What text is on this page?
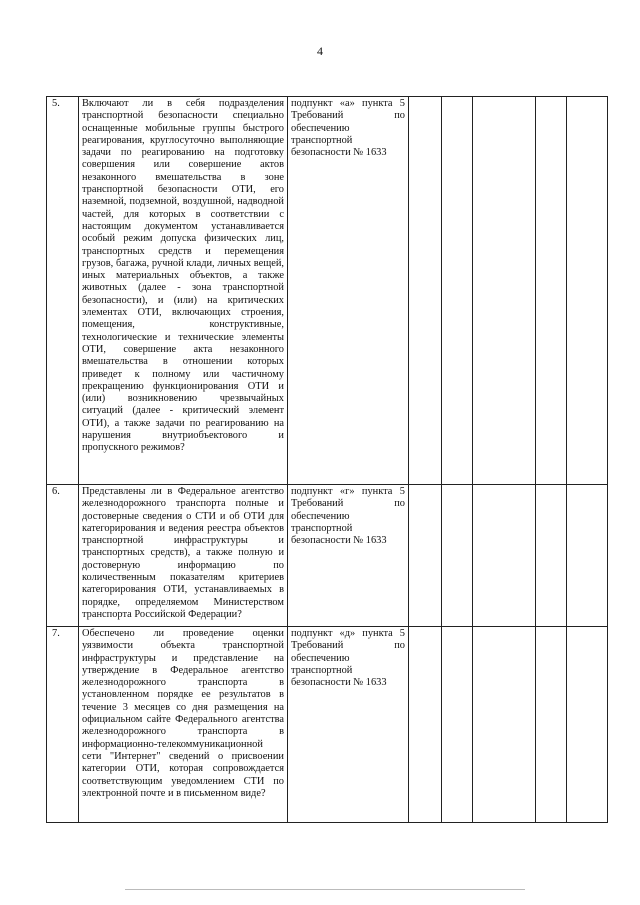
4
5.	Включают ли в себя подразделения транспортной безопасности специально оснащенные мобильные группы быстрого реагирования, круглосуточно выполняющие задачи по реагированию на подготовку совершения или совершение актов незаконного вмешательства в зоне транспортной безопасности ОТИ, его наземной, подземной, воздушной, надводной частей, для которых в соответствии с настоящим документом устанавливается особый режим допуска физических лиц, транспортных средств и перемещения грузов, багажа, ручной клади, личных вещей, иных материальных объектов, а также животных (далее - зона транспортной безопасности), и (или) на критических элементах ОТИ, включающих строения, помещения, конструктивные, технологические и технические элементы ОТИ, совершение акта незаконного вмешательства в отношении которых приведет к полному или частичному прекращению функционирования ОТИ и (или) возникновению чрезвычайных ситуаций (далее - критический элемент ОТИ), а также задачи по реагированию на нарушения внутриобъектового и пропускного режимов?	подпункт «а» пункта 5 Требований по обеспечению транспортной безопасности № 1633					
6.	Представлены ли в Федеральное агентство железнодорожного транспорта полные и достоверные сведения о СТИ и об ОТИ для категорирования и ведения реестра объектов транспортной инфраструктуры и транспортных средств), а также полную и достоверную информацию по количественным показателям критериев категорирования ОТИ, устанавливаемых в порядке, определяемом Министерством транспорта Российской Федерации?	подпункт «г» пункта 5 Требований по обеспечению транспортной безопасности № 1633					
7.	Обеспечено ли проведение оценки уязвимости объекта транспортной инфраструктуры и представление на утверждение в Федеральное агентство железнодорожного транспорта в установленном порядке ее результатов в течение 3 месяцев со дня размещения на официальном сайте Федерального агентства железнодорожного транспорта в информационно-телекоммуникационной сети "Интернет" сведений о присвоении категории ОТИ, которая сопровождается соответствующим уведомлением СТИ по электронной почте и в письменном виде?	подпункт «д» пункта 5 Требований по обеспечению транспортной безопасности № 1633					
